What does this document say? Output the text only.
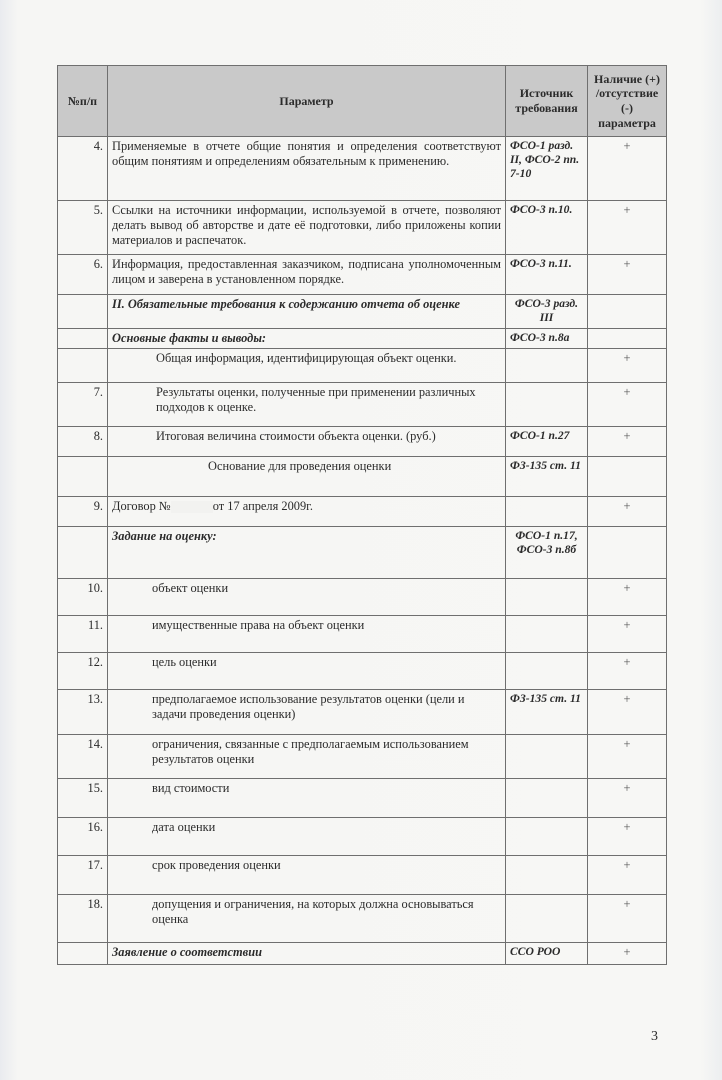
№п/п	Параметр	Источник требования	Наличие (+) /отсутствие (-) параметра
4.	Применяемые в отчете общие понятия и определения соответствуют общим понятиям и определениям обязательным к применению.	ФСО-1 разд. II, ФСО-2 пп. 7-10	+
5.	Ссылки на источники информации, используемой в отчете, позволяют делать вывод об авторстве и дате её подготовки, либо приложены копии материалов и распечаток.	ФСО-3 п.10.	+
6.	Информация, предоставленная заказчиком, подписана уполномоченным лицом и заверена в установленном порядке.	ФСО-3 п.11.	+
	II. Обязательные требования к содержанию отчета об оценке	ФСО-3 разд. III	
	Основные факты и выводы:	ФСО-3 п.8а	
	Общая информация, идентифицирующая объект оценки.		+
7.	Результаты оценки, полученные при применении различных подходов к оценке.		+
8.	Итоговая величина стоимости объекта оценки. (руб.)	ФСО-1 п.27	+
	Основание для проведения оценки	ФЗ-135 ст. 11	
9.	Договор № от 17 апреля 2009г.		+
	Задание на оценку:	ФСО-1 п.17, ФСО-3 п.8б	
10.	объект оценки		+
11.	имущественные права на объект оценки		+
12.	цель оценки		+
13.	предполагаемое использование результатов оценки (цели и задачи проведения оценки)	ФЗ-135 ст. 11	+
14.	ограничения, связанные с предполагаемым использованием результатов оценки		+
15.	вид стоимости		+
16.	дата оценки		+
17.	срок проведения оценки		+
18.	допущения и ограничения, на которых должна основываться оценка		+
	Заявление о соответствии	ССО РОО	+
3
